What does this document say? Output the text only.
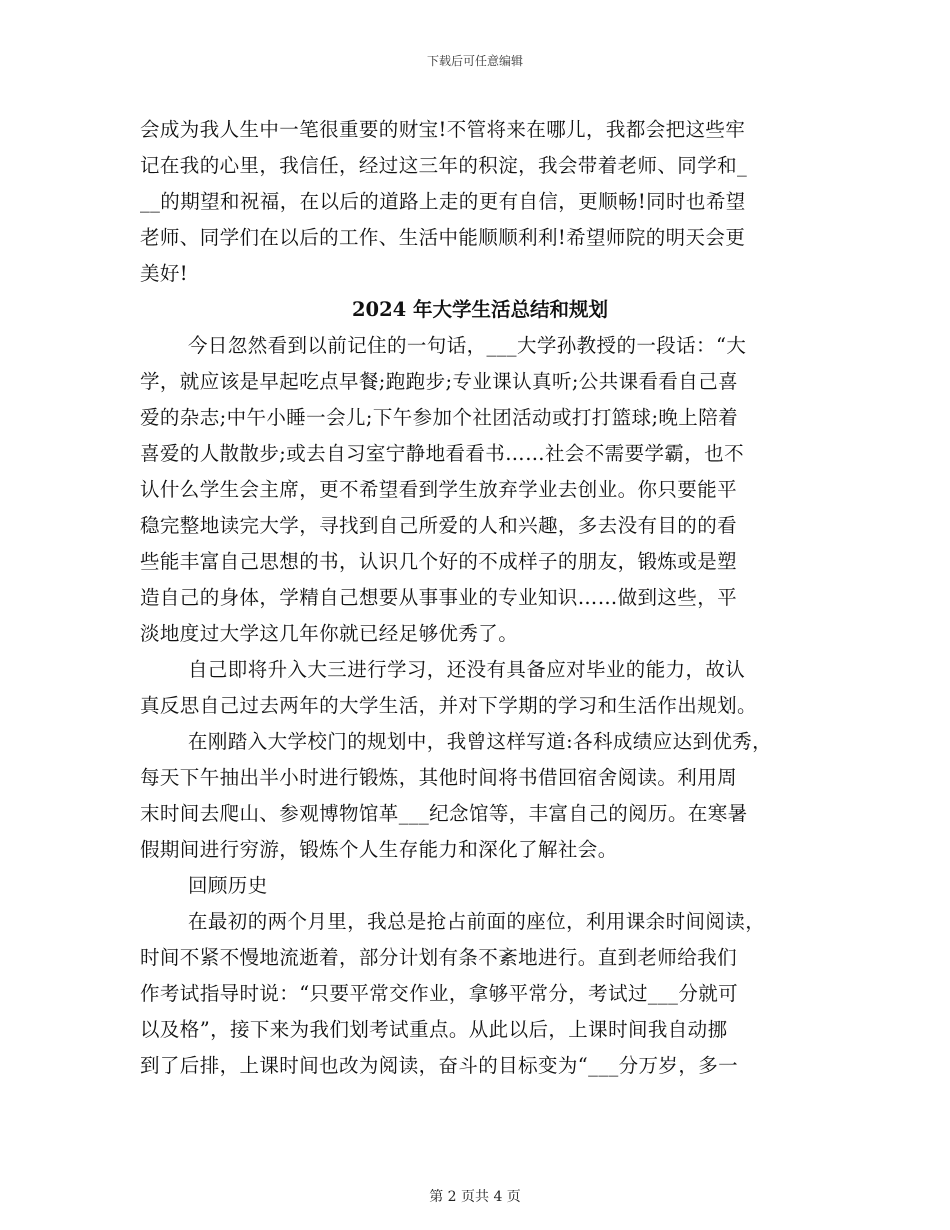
下载后可任意编辑
会成为我人生中一笔很重要的财宝!不管将来在哪儿，我都会把这些牢
记在我的心里，我信任，经过这三年的积淀，我会带着老师、同学和_
__的期望和祝福，在以后的道路上走的更有自信，更顺畅!同时也希望
老师、同学们在以后的工作、生活中能顺顺利利!希望师院的明天会更
美好!
2024 年大学生活总结和规划
今日忽然看到以前记住的一句话，___大学孙教授的一段话：“大
学，就应该是早起吃点早餐;跑跑步;专业课认真听;公共课看看自己喜
爱的杂志;中午小睡一会儿;下午参加个社团活动或打打篮球;晚上陪着
喜爱的人散散步;或去自习室宁静地看看书……社会不需要学霸，也不
认什么学生会主席，更不希望看到学生放弃学业去创业。你只要能平
稳完整地读完大学，寻找到自己所爱的人和兴趣，多去没有目的的看
些能丰富自己思想的书，认识几个好的不成样子的朋友，锻炼或是塑
造自己的身体，学精自己想要从事事业的专业知识……做到这些，平
淡地度过大学这几年你就已经足够优秀了。
自己即将升入大三进行学习，还没有具备应对毕业的能力，故认
真反思自己过去两年的大学生活，并对下学期的学习和生活作出规划。
在刚踏入大学校门的规划中，我曾这样写道:各科成绩应达到优秀，
每天下午抽出半小时进行锻炼，其他时间将书借回宿舍阅读。利用周
末时间去爬山、参观博物馆革___纪念馆等，丰富自己的阅历。在寒暑
假期间进行穷游，锻炼个人生存能力和深化了解社会。
回顾历史
在最初的两个月里，我总是抢占前面的座位，利用课余时间阅读，
时间不紧不慢地流逝着，部分计划有条不紊地进行。直到老师给我们
作考试指导时说：“只要平常交作业，拿够平常分，考试过___分就可
以及格”，接下来为我们划考试重点。从此以后，上课时间我自动挪
到了后排，上课时间也改为阅读，奋斗的目标变为“___分万岁，多一
第 2 页共 4 页
